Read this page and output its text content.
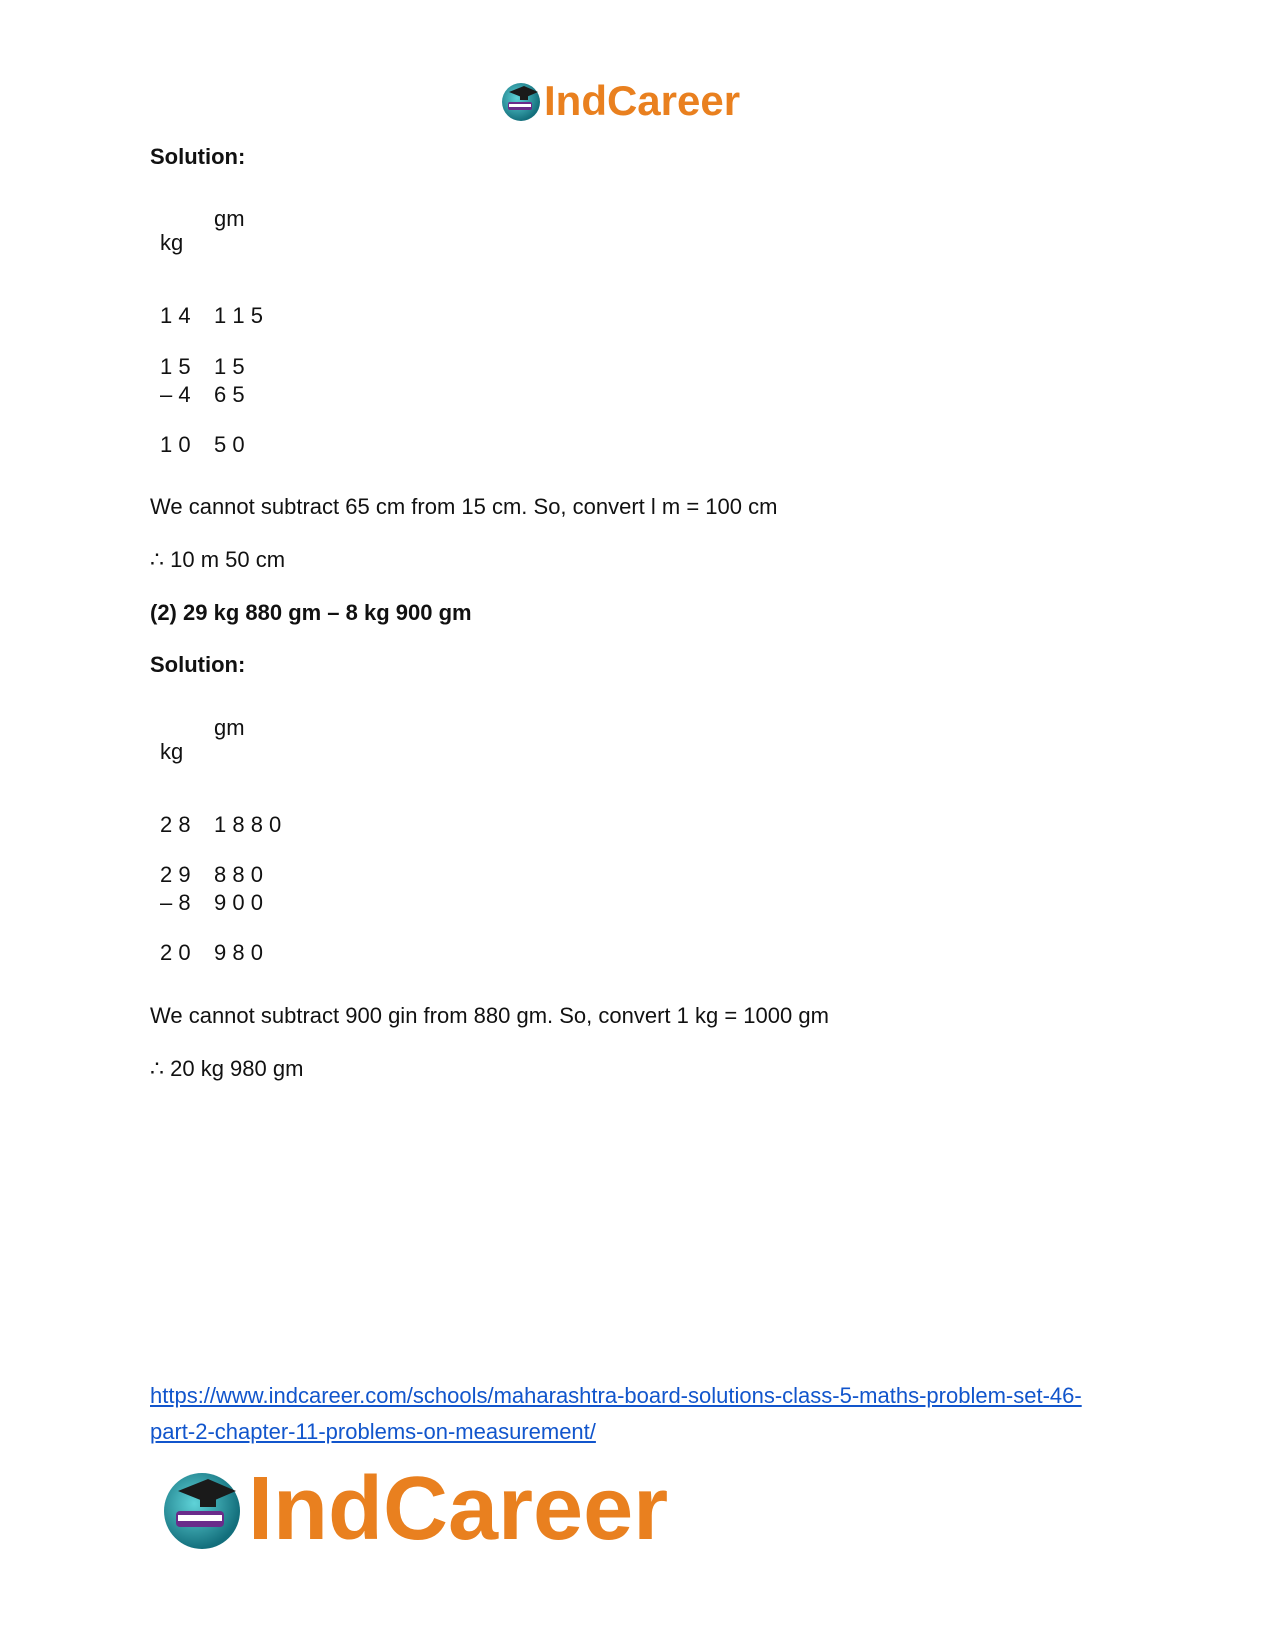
IndCareer
Solution:
gm
kg
1 4 1 1 5
1 5 1 5
– 4 6 5
1 0 5 0
We cannot subtract 65 cm from 15 cm. So, convert l m = 100 cm
∴ 10 m 50 cm
(2) 29 kg 880 gm – 8 kg 900 gm
Solution:
gm
kg
2 8 1 8 8 0
2 9 8 8 0
– 8 9 0 0
2 0 9 8 0
We cannot subtract 900 gin from 880 gm. So, convert 1 kg = 1000 gm
∴ 20 kg 980 gm
https://www.indcareer.com/schools/maharashtra-board-solutions-class-5-maths-problem-set-46-
part-2-chapter-11-problems-on-measurement/
IndCareer
